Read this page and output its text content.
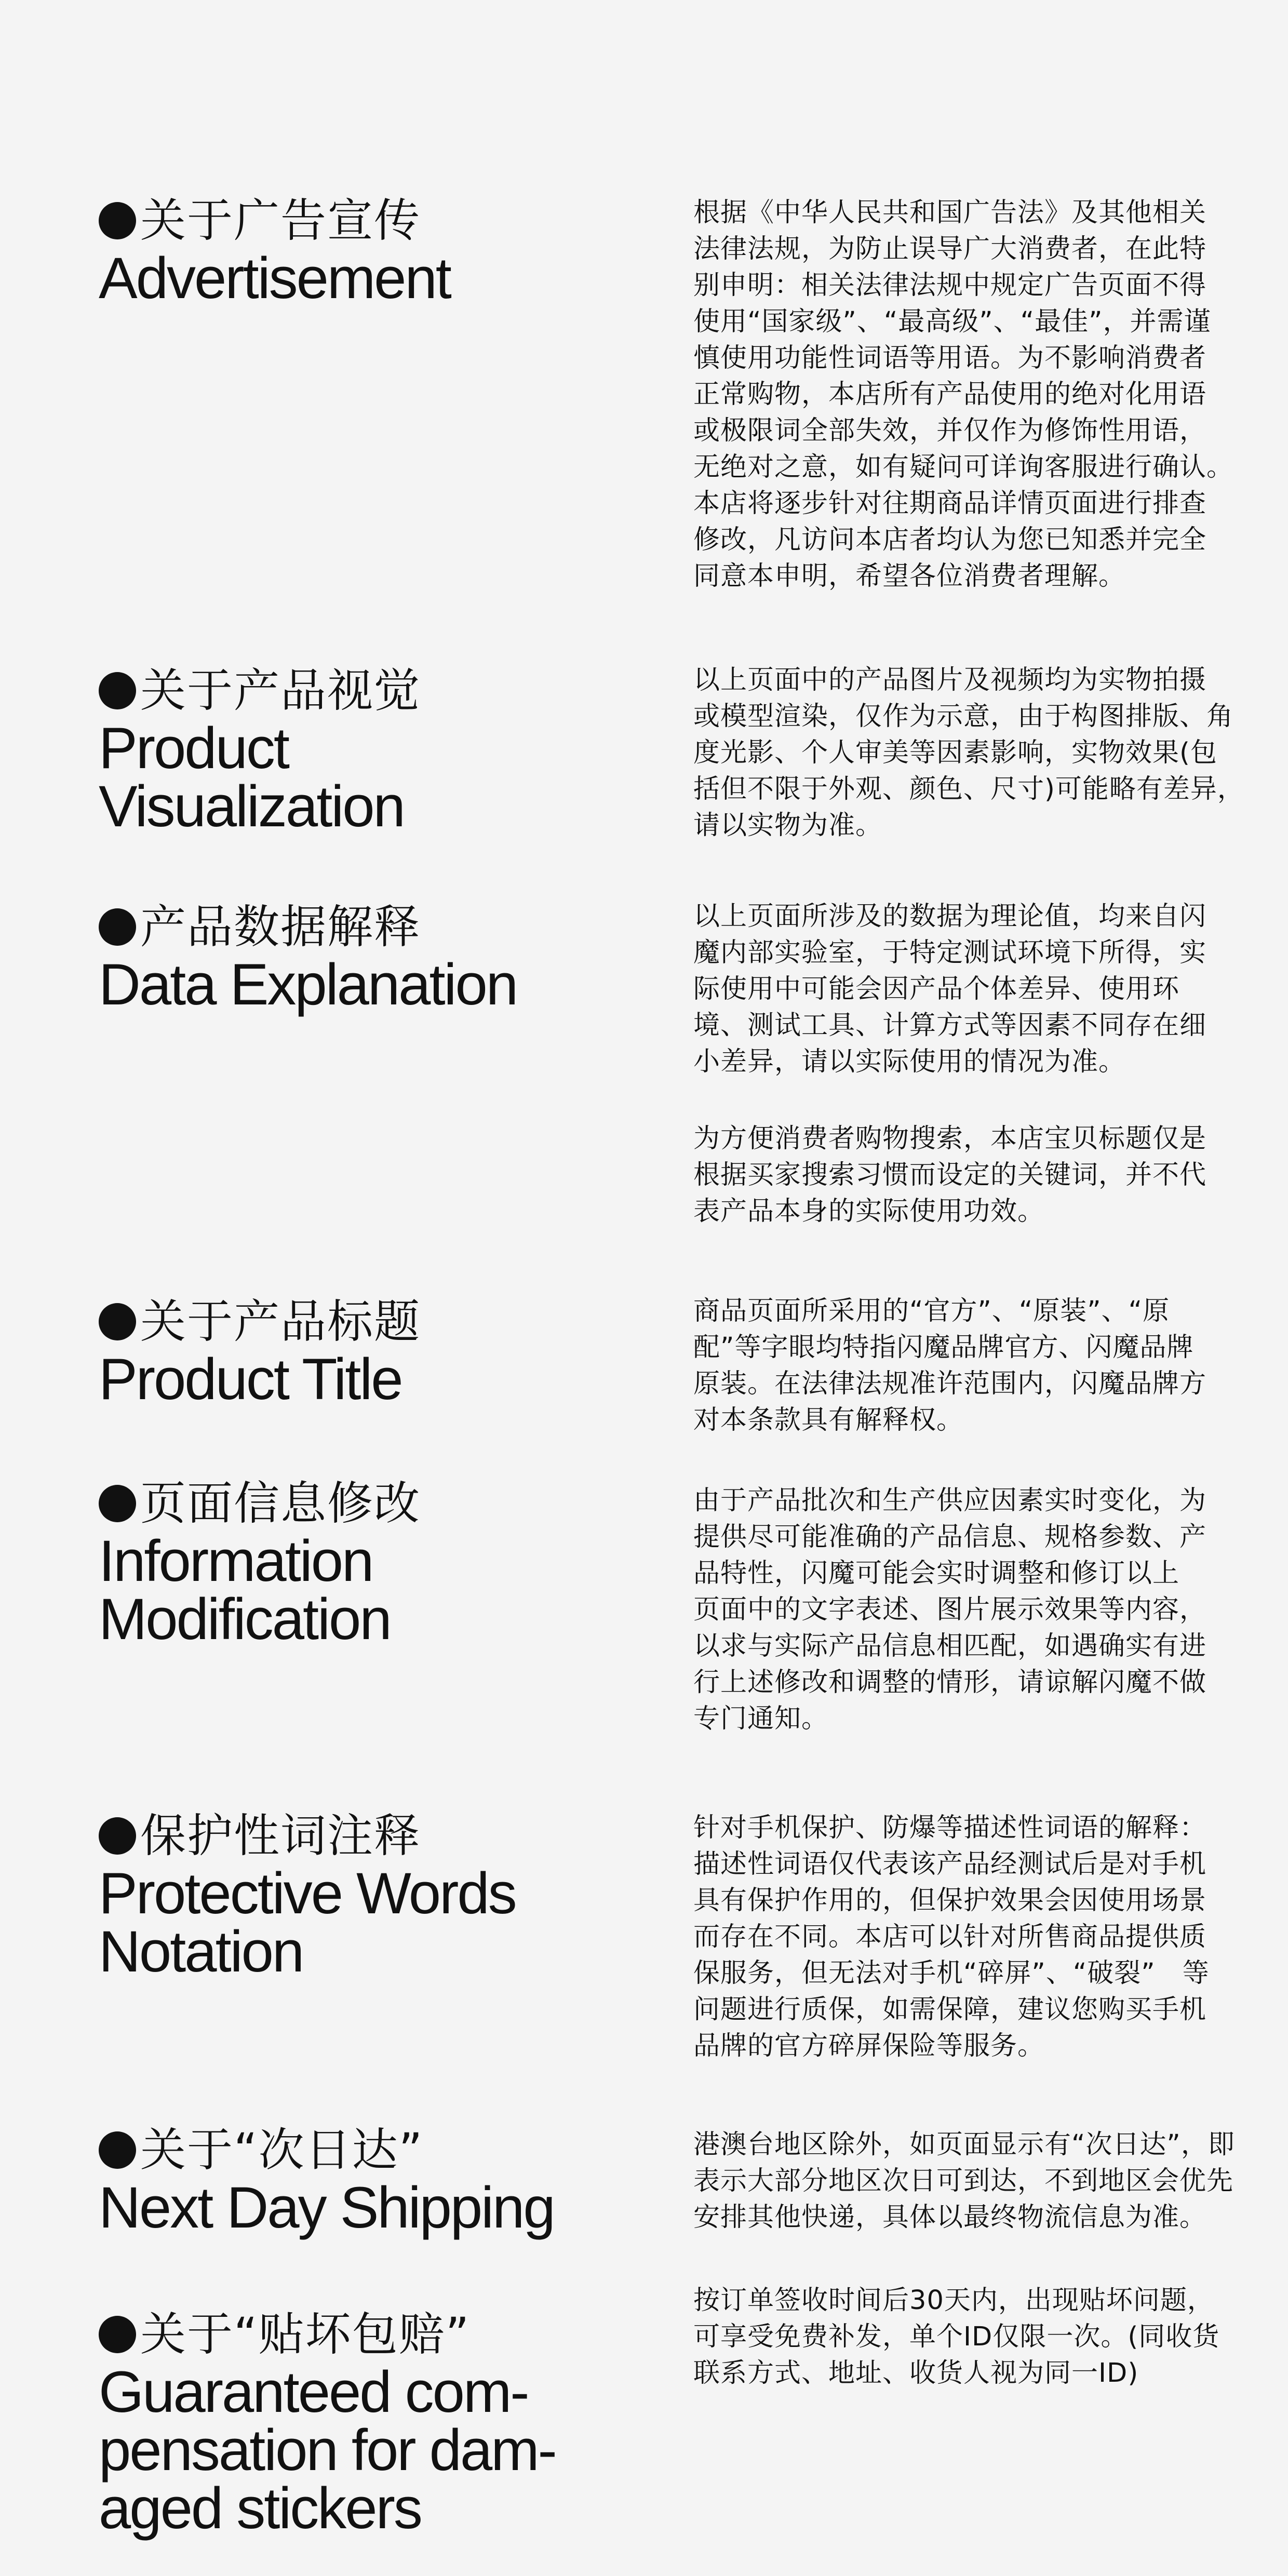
关于广告宣传
Advertisement

根据《中华人民共和国广告法》及其他相关
法律法规，为防止误导广大消费者，在此特
别申明：相关法律法规中规定广告页面不得
使用“国家级”、“最高级”、“最佳”，并需谨
慎使用功能性词语等用语。为不影响消费者
正常购物，本店所有产品使用的绝对化用语
或极限词全部失效，并仅作为修饰性用语，
无绝对之意，如有疑问可详询客服进行确认。
本店将逐步针对往期商品详情页面进行排查
修改，凡访问本店者均认为您已知悉并完全
同意本申明，希望各位消费者理解。

关于产品视觉
Product
Visualization

以上页面中的产品图片及视频均为实物拍摄
或模型渲染，仅作为示意，由于构图排版、角
度光影、个人审美等因素影响，实物效果(包
括但不限于外观、颜色、尺寸)可能略有差异，
请以实物为准。

产品数据解释
Data Explanation

以上页面所涉及的数据为理论值，均来自闪
魔内部实验室，于特定测试环境下所得，实
际使用中可能会因产品个体差异、使用环
境、测试工具、计算方式等因素不同存在细
小差异，请以实际使用的情况为准。

为方便消费者购物搜索，本店宝贝标题仅是
根据买家搜索习惯而设定的关键词，并不代
表产品本身的实际使用功效。

关于产品标题
Product Title

商品页面所采用的“官方”、“原装”、“原
配”等字眼均特指闪魔品牌官方、闪魔品牌
原装。在法律法规准许范围内，闪魔品牌方
对本条款具有解释权。

页面信息修改
Information
Modification

由于产品批次和生产供应因素实时变化，为
提供尽可能准确的产品信息、规格参数、产
品特性，闪魔可能会实时调整和修订以上
页面中的文字表述、图片展示效果等内容，
以求与实际产品信息相匹配，如遇确实有进
行上述修改和调整的情形，请谅解闪魔不做
专门通知。

保护性词注释
Protective Words
Notation

针对手机保护、防爆等描述性词语的解释：
描述性词语仅代表该产品经测试后是对手机
具有保护作用的，但保护效果会因使用场景
而存在不同。本店可以针对所售商品提供质
保服务，但无法对手机“碎屏”、“破裂”　等
问题进行质保，如需保障，建议您购买手机
品牌的官方碎屏保险等服务。

关于“次日达”
Next Day Shipping

港澳台地区除外，如页面显示有“次日达”，即
表示大部分地区次日可到达，不到地区会优先
安排其他快递，具体以最终物流信息为准。

关于“贴坏包赔”
Guaranteed com-
pensation for dam-
aged stickers

按订单签收时间后30天内，出现贴坏问题，
可享受免费补发，单个ID仅限一次。(同收货
联系方式、地址、收货人视为同一ID)
